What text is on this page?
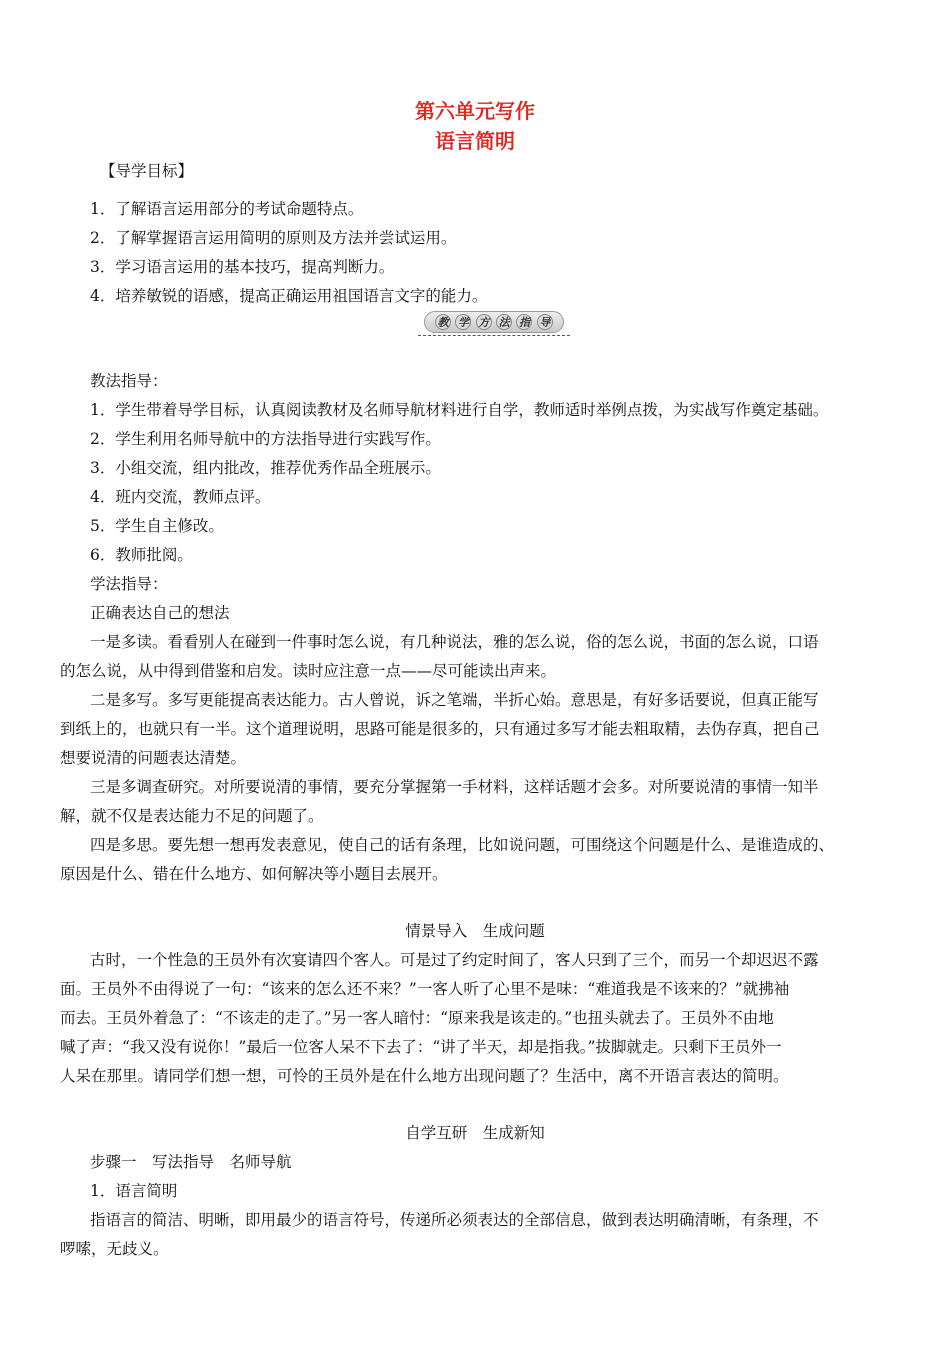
第六单元写作
语言简明
【导学目标】
1．了解语言运用部分的考试命题特点。
2．了解掌握语言运用简明的原则及方法并尝试运用。
3．学习语言运用的基本技巧，提高判断力。
4．培养敏锐的语感，提高正确运用祖国语言文字的能力。
教 学 方 法 指 导
教法指导：
1．学生带着导学目标，认真阅读教材及名师导航材料进行自学，教师适时举例点拨，为实战写作奠定基础。
2．学生利用名师导航中的方法指导进行实践写作。
3．小组交流，组内批改，推荐优秀作品全班展示。
4．班内交流，教师点评。
5．学生自主修改。
6．教师批阅。
学法指导：
正确表达自己的想法
一是多读。看看别人在碰到一件事时怎么说，有几种说法，雅的怎么说，俗的怎么说，书面的怎么说，口语
的怎么说，从中得到借鉴和启发。读时应注意一点——尽可能读出声来。
二是多写。多写更能提高表达能力。古人曾说，诉之笔端，半折心始。意思是，有好多话要说，但真正能写
到纸上的，也就只有一半。这个道理说明，思路可能是很多的，只有通过多写才能去粗取精，去伪存真，把自己
想要说清的问题表达清楚。
三是多调查研究。对所要说清的事情，要充分掌握第一手材料，这样话题才会多。对所要说清的事情一知半
解，就不仅是表达能力不足的问题了。
四是多思。要先想一想再发表意见，使自己的话有条理，比如说问题，可围绕这个问题是什么、是谁造成的、
原因是什么、错在什么地方、如何解决等小题目去展开。
情景导入　生成问题
古时，一个性急的王员外有次宴请四个客人。可是过了约定时间了，客人只到了三个，而另一个却迟迟不露
面。王员外不由得说了一句：“该来的怎么还不来？”一客人听了心里不是味：“难道我是不该来的？”就拂袖
而去。王员外着急了：“不该走的走了。”另一客人暗忖：“原来我是该走的。”也扭头就去了。王员外不由地
喊了声：“我又没有说你！”最后一位客人呆不下去了：“讲了半天，却是指我。”拔脚就走。只剩下王员外一
人呆在那里。请同学们想一想，可怜的王员外是在什么地方出现问题了？生活中，离不开语言表达的简明。
自学互研　生成新知
步骤一　写法指导　名师导航
1．语言简明
指语言的简洁、明晰，即用最少的语言符号，传递所必须表达的全部信息，做到表达明确清晰，有条理，不
啰嗦，无歧义。
